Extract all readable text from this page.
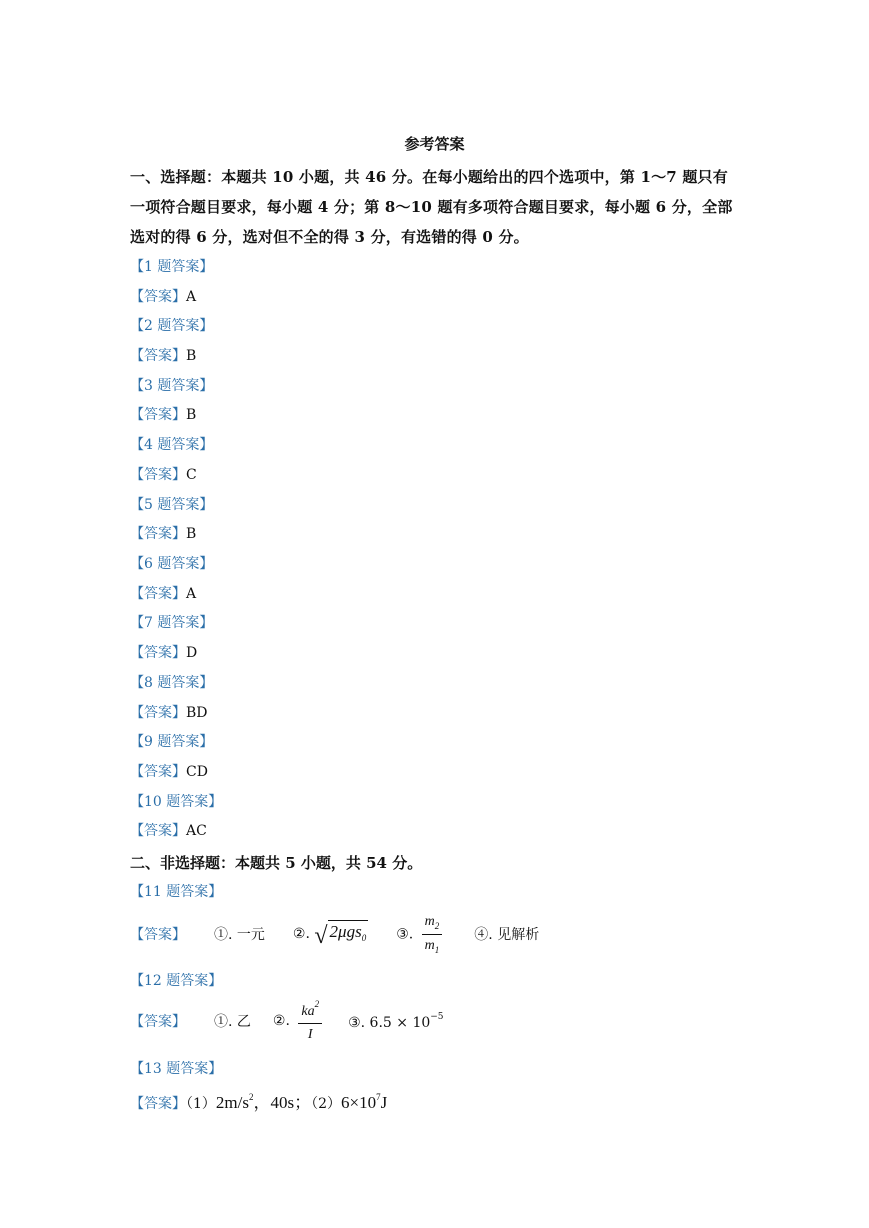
参考答案
一、选择题：本题共 10 小题，共 46 分。在每小题给出的四个选项中，第 1～7 题只有一项符合题目要求，每小题 4 分；第 8～10 题有多项符合题目要求，每小题 6 分，全部选对的得 6 分，选对但不全的得 3 分，有选错的得 0 分。
【1 题答案】
【答案】A
【2 题答案】
【答案】B
【3 题答案】
【答案】B
【4 题答案】
【答案】C
【5 题答案】
【答案】B
【6 题答案】
【答案】A
【7 题答案】
【答案】D
【8 题答案】
【答案】BD
【9 题答案】
【答案】CD
【10 题答案】
【答案】AC
二、非选择题：本题共 5 小题，共 54 分。
【11 题答案】
【答案】 ①. 一元 ②. √ 2μgs$_0$ ③. $\frac{m_2}{m_1}$ ④. 见解析
【12 题答案】
【答案】 ①. 乙 ②. $\frac{ka^2}{I}$ ③. $6.5 \times 10^{-5}$
【13 题答案】
【答案】$(1)2m/s^2$，40s；$(2)6\times 10^7J$
